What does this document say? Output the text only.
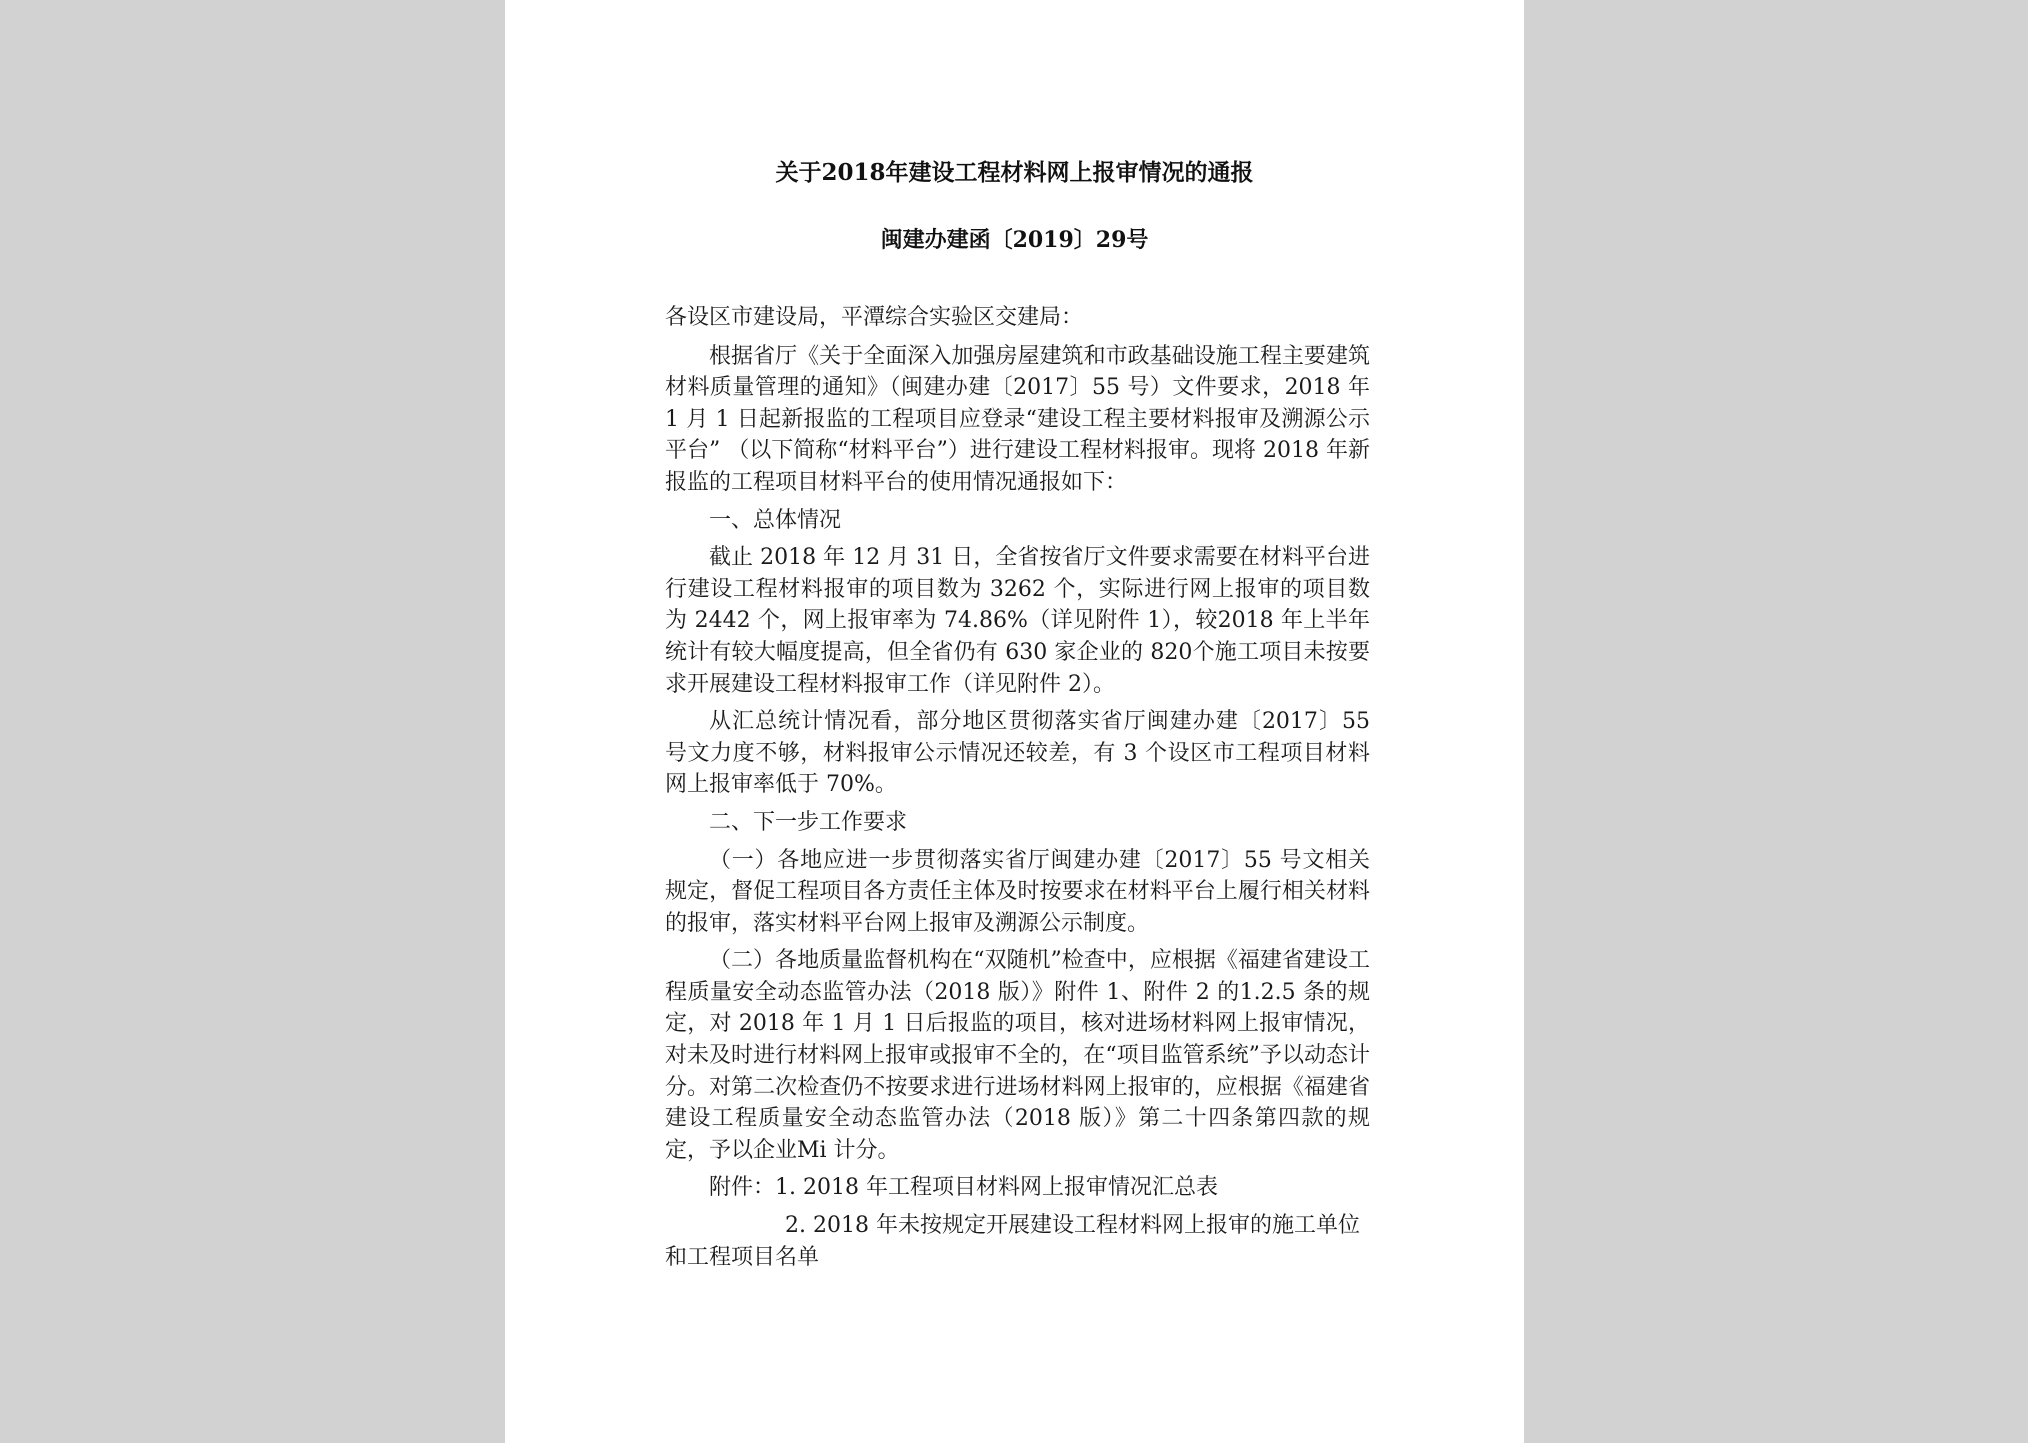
关于2018年建设工程材料网上报审情况的通报
闽建办建函〔2019〕29号

各设区市建设局，平潭综合实验区交建局：

根据省厅《关于全面深入加强房屋建筑和市政基础设施工程主要建筑材料质量管理的通知》（闽建办建〔2017〕55 号）文件要求，2018 年 1 月 1 日起新报监的工程项目应登录“建设工程主要材料报审及溯源公示平台” （以下简称“材料平台”）进行建设工程材料报审。现将 2018 年新报监的工程项目材料平台的使用情况通报如下：

一、总体情况

截止 2018 年 12 月 31 日，全省按省厅文件要求需要在材料平台进行建设工程材料报审的项目数为 3262 个，实际进行网上报审的项目数为 2442 个，网上报审率为 74.86%（详见附件 1），较2018 年上半年统计有较大幅度提高，但全省仍有 630 家企业的 820个施工项目未按要求开展建设工程材料报审工作（详见附件 2）。

从汇总统计情况看，部分地区贯彻落实省厅闽建办建〔2017〕55 号文力度不够，材料报审公示情况还较差，有 3 个设区市工程项目材料网上报审率低于 70%。

二、下一步工作要求

（一）各地应进一步贯彻落实省厅闽建办建〔2017〕55 号文相关规定，督促工程项目各方责任主体及时按要求在材料平台上履行相关材料的报审，落实材料平台网上报审及溯源公示制度。

（二）各地质量监督机构在“双随机”检查中，应根据《福建省建设工程质量安全动态监管办法（2018 版）》附件 1、附件 2 的1.2.5 条的规定，对 2018 年 1 月 1 日后报监的项目，核对进场材料网上报审情况，对未及时进行材料网上报审或报审不全的，在“项目监管系统”予以动态计分。对第二次检查仍不按要求进行进场材料网上报审的，应根据《福建省建设工程质量安全动态监管办法（2018 版）》第二十四条第四款的规定，予以企业Mi 计分。

附件：1. 2018 年工程项目材料网上报审情况汇总表

2. 2018 年未按规定开展建设工程材料网上报审的施工单位和工程项目名单
